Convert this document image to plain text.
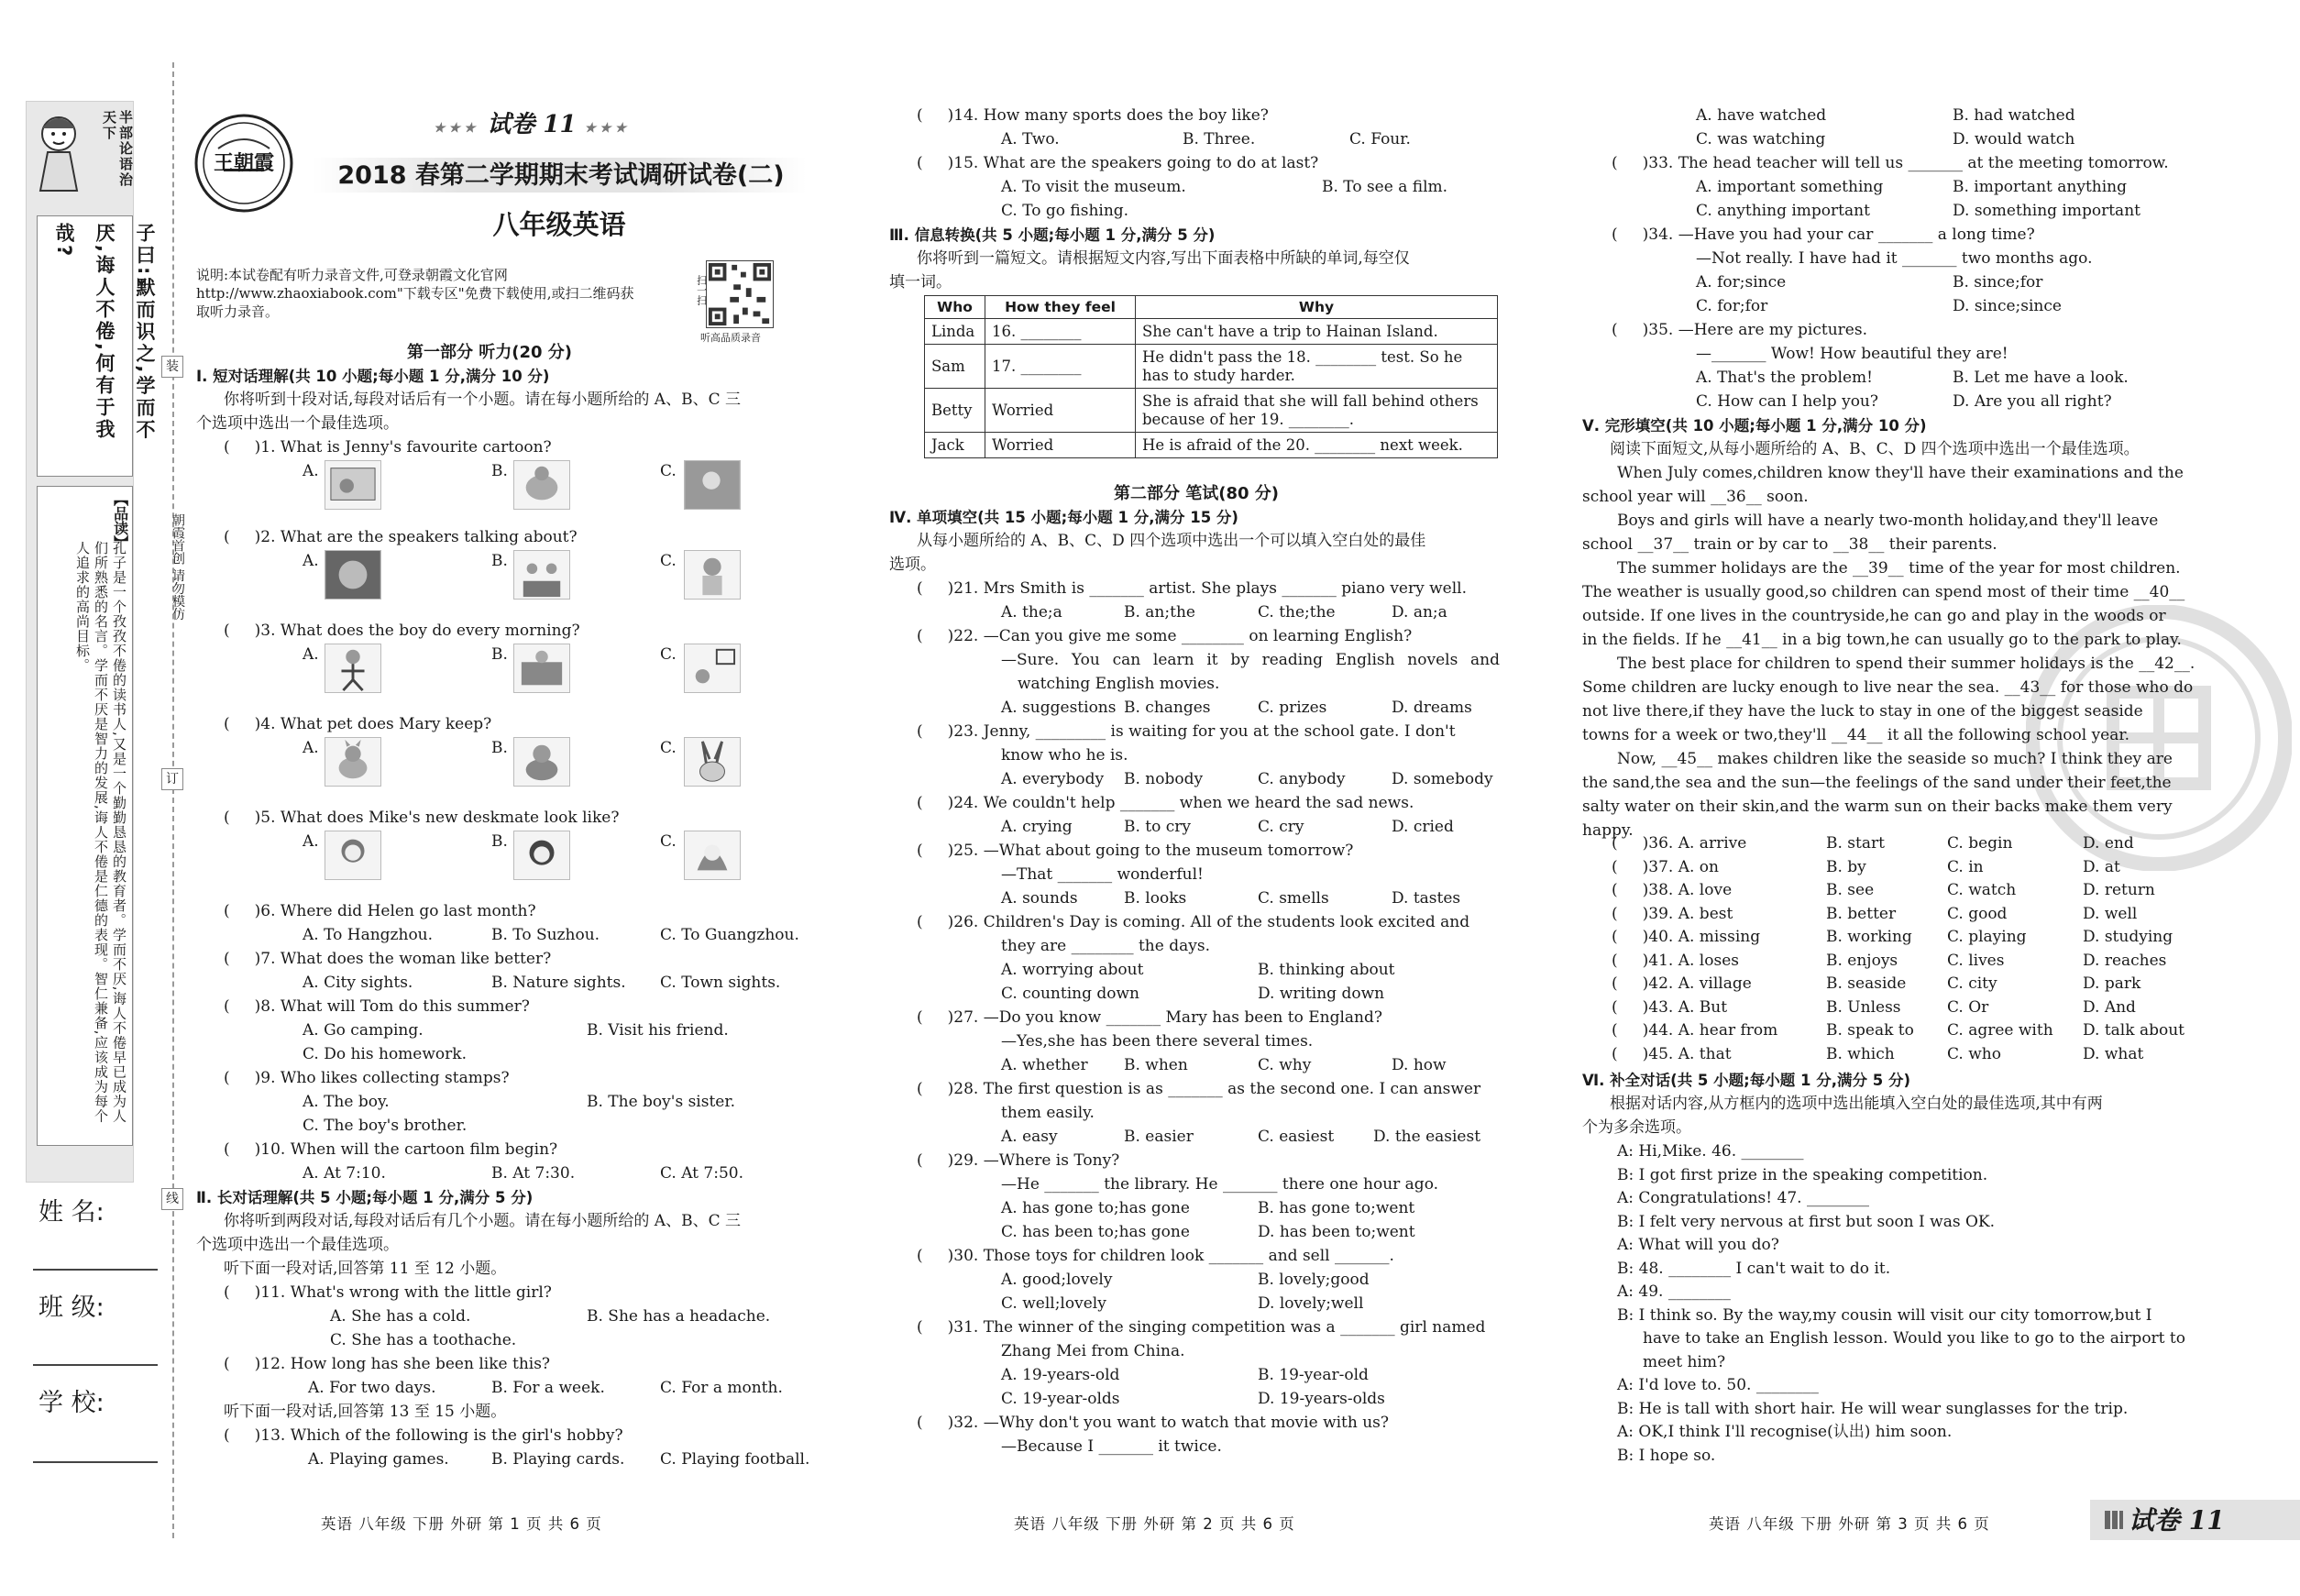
半部论语治天下
子曰:默而识之,学而不厌,诲人不倦,何有于我哉?
【品读】
孔子是一个孜孜不倦的读书人,又是一个勤勤恳恳的教育者。学而不厌,诲人不倦早已成为人们所熟悉的名言。学而不厌是智力的发展,诲人不倦是仁德的表现。智仁兼备,应该成为每个人追求的高尚目标。	朝霞首创 请勿模仿
装
订
线
姓 名:
班 级:
学 校:
王朝霞
★★★ 试卷 11 ★★★
2018 春第二学期期末考试调研试卷(二)
八年级英语
说明:本试卷配有听力录音文件,可登录朝霞文化官网 http://www.zhaoxiabook.com"下载专区"免费下载使用,或扫二维码获取听力录音。
扫一扫
听高品质录音
第一部分 听力(20 分)
Ⅰ. 短对话理解(共 10 小题;每小题 1 分,满分 10 分)
你将听到十段对话,每段对话后有一个小题。请在每小题所给的 A、B、C 三
个选项中选出一个最佳选项。
(     )1. What is Jenny's favourite cartoon?
A.	B.	C.
(     )2. What are the speakers talking about?
A.	B.	C.
(     )3. What does the boy do every morning?
A.	B.	C.
(     )4. What pet does Mary keep?
A.	B.	C.
(     )5. What does Mike's new deskmate look like?
A.	B.	C.
(     )6. Where did Helen go last month?
A. To Hangzhou.	B. To Suzhou.	C. To Guangzhou.
(     )7. What does the woman like better?
A. City sights.	B. Nature sights. C. Town sights.
(     )8. What will Tom do this summer?
A. Go camping.	B. Visit his friend.
C. Do his homework.
(     )9. Who likes collecting stamps?
A. The boy.	B. The boy's sister.
C. The boy's brother.
(     )10. When will the cartoon film begin?
A. At 7:10.	B. At 7:30.	C. At 7:50.
Ⅱ. 长对话理解(共 5 小题;每小题 1 分,满分 5 分)
你将听到两段对话,每段对话后有几个小题。请在每小题所给的 A、B、C 三
个选项中选出一个最佳选项。
听下面一段对话,回答第 11 至 12 小题。
(     )11. What's wrong with the little girl?
A. She has a cold.	B. She has a headache.
C. She has a toothache.
(     )12. How long has she been like this?
A. For two days.	B. For a week.	C. For a month.
听下面一段对话,回答第 13 至 15 小题。
(     )13. Which of the following is the girl's hobby?
A. Playing games.	B. Playing cards. C. Playing football.
英语 八年级 下册 外研 第 1 页 共 6 页
(     )14. How many sports does the boy like?
A. Two.	B. Three.	C. Four.
(     )15. What are the speakers going to do at last?
A. To visit the museum.	B. To see a film.
C. To go fishing.
Ⅲ. 信息转换(共 5 小题;每小题 1 分,满分 5 分)
你将听到一篇短文。请根据短文内容,写出下面表格中所缺的单词,每空仅
填一词。
Who	How they feel	Why
Linda	16. ________	She can't have a trip to Hainan Island.
Sam	17. ________	He didn't pass the 18. ________ test. So he has to study harder.
Betty	Worried	She is afraid that she will fall behind others because of her 19. ________.
Jack	Worried	He is afraid of the 20. ________ next week.
第二部分 笔试(80 分)
Ⅳ. 单项填空(共 15 小题;每小题 1 分,满分 15 分)
从每小题所给的 A、B、C、D 四个选项中选出一个可以填入空白处的最佳
选项。
(     )21. Mrs Smith is _______ artist. She plays _______ piano very well.
A. the;a	B. an;the	C. the;the	D. an;a
(     )22. —Can you give me some ________ on learning English?
—Sure. You can learn it by reading English novels and
watching English movies.
A. suggestions B. changes	C. prizes	D. dreams
(     )23. Jenny, _________ is waiting for you at the school gate. I don't
know who he is.
A. everybody B. nobody	C. anybody	D. somebody
(     )24. We couldn't help _______ when we heard the sad news.
A. crying	B. to cry	C. cry	D. cried
(     )25. —What about going to the museum tomorrow?
—That _______ wonderful!
A. sounds	B. looks	C. smells	D. tastes
(     )26. Children's Day is coming. All of the students look excited and
they are ________ the days.
A. worrying about	B. thinking about
C. counting down	D. writing down
(     )27. —Do you know _______ Mary has been to England?
—Yes,she has been there several times.
A. whether B. when	C. why	D. how
(     )28. The first question is as _______ as the second one. I can answer
them easily.
A. easy	B. easier	C. easiest	D. the easiest
(     )29. —Where is Tony?
—He _______ the library. He _______ there one hour ago.
A. has gone to;has gone	B. has gone to;went
C. has been to;has gone	D. has been to;went
(     )30. Those toys for children look _______ and sell _______.
A. good;lovely	B. lovely;good
C. well;lovely	D. lovely;well
(     )31. The winner of the singing competition was a _______ girl named
Zhang Mei from China.
A. 19-years-old	B. 19-year-old
C. 19-year-olds	D. 19-years-olds
(     )32. —Why don't you want to watch that movie with us?
—Because I _______ it twice.
英语 八年级 下册 外研 第 2 页 共 6 页
A. have watched	B. had watched
C. was watching	D. would watch
(     )33. The head teacher will tell us _______ at the meeting tomorrow.
A. important something	B. important anything
C. anything important	D. something important
(     )34. —Have you had your car _______ a long time?
—Not really. I have had it _______ two months ago.
A. for;since	B. since;for
C. for;for	D. since;since
(     )35. —Here are my pictures.
—_______ Wow! How beautiful they are!
A. That's the problem!	B. Let me have a look.
C. How can I help you?	D. Are you all right?
Ⅴ. 完形填空(共 10 小题;每小题 1 分,满分 10 分)
阅读下面短文,从每小题所给的 A、B、C、D 四个选项中选出一个最佳选项。
When July comes,children know they'll have their examinations and the
school year will __36__ soon.
Boys and girls will have a nearly two-month holiday,and they'll leave
school __37__ train or by car to __38__ their parents.
The summer holidays are the __39__ time of the year for most children.
The weather is usually good,so children can spend most of their time __40__
outside. If one lives in the countryside,he can go and play in the woods or
in the fields. If he __41__ in a big town,he can usually go to the park to play.
The best place for children to spend their summer holidays is the __42__.
Some children are lucky enough to live near the sea. __43__ for those who do
not live there,if they have the luck to stay in one of the biggest seaside
towns for a week or two,they'll __44__ it all the following school year.
Now, __45__ makes children like the seaside so much? I think they are
the sand,the sea and the sun—the feelings of the sand under their feet,the
salty water on their skin,and the warm sun on their backs make them very
happy.
(     )36. A. arrive	B. start	C. begin	D. end
(     )37. A. on	B. by	C. in	D. at
(     )38. A. love	B. see	C. watch	D. return
(     )39. A. best	B. better	C. good	D. well
(     )40. A. missing	B. working C. playing	D. studying
(     )41. A. loses	B. enjoys	C. lives	D. reaches
(     )42. A. village	B. seaside	C. city	D. park
(     )43. A. But	B. Unless	C. Or	D. And
(     )44. A. hear from	B. speak to C. agree with D. talk about
(     )45. A. that	B. which	C. who	D. what
Ⅵ. 补全对话(共 5 小题;每小题 1 分,满分 5 分)
根据对话内容,从方框内的选项中选出能填入空白处的最佳选项,其中有两
个为多余选项。
A: Hi,Mike. 46. ________
B: I got first prize in the speaking competition.
A: Congratulations! 47. ________
B: I felt very nervous at first but soon I was OK.
A: What will you do?
B: 48. ________ I can't wait to do it.
A: 49. ________
B: I think so. By the way,my cousin will visit our city tomorrow,but I
have to take an English lesson. Would you like to go to the airport to
meet him?
A: I'd love to. 50. ________
B: He is tall with short hair. He will wear sunglasses for the trip.
A: OK,I think I'll recognise(认出) him soon.
B: I hope so.
英语 八年级 下册 外研 第 3 页 共 6 页	试卷 11
